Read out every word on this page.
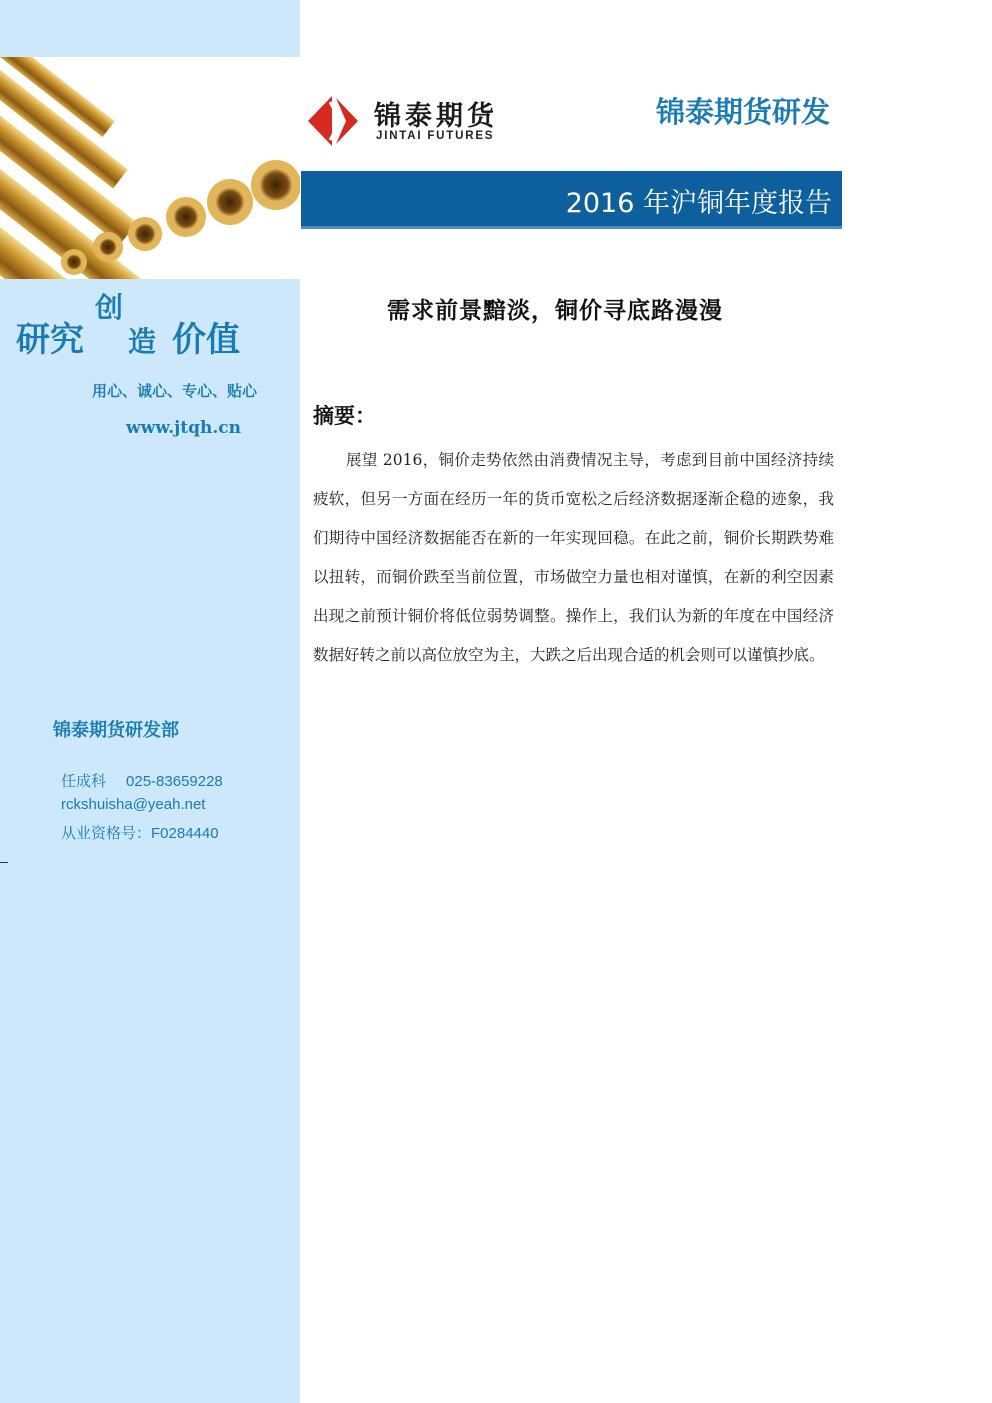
研究
创
造 价值
用心、诚心、专心、贴心
www.jtqh.cn
锦泰期货研发部
任成科 025-83659228
rckshuisha@yeah.net
从业资格号：F0284440
锦泰期货
JINTAI FUTURES
锦泰期货研发
2016 年沪铜年度报告
需求前景黯淡，铜价寻底路漫漫
摘要：

展望 2016，铜价走势依然由消费情况主导，考虑到目前中国经济持续疲软，但另一方面在经历一年的货币宽松之后经济数据逐渐企稳的迹象，我们期待中国经济数据能否在新的一年实现回稳。在此之前，铜价长期跌势难以扭转，而铜价跌至当前位置，市场做空力量也相对谨慎，在新的利空因素出现之前预计铜价将低位弱势调整。操作上，我们认为新的年度在中国经济数据好转之前以高位放空为主，大跌之后出现合适的机会则可以谨慎抄底。
